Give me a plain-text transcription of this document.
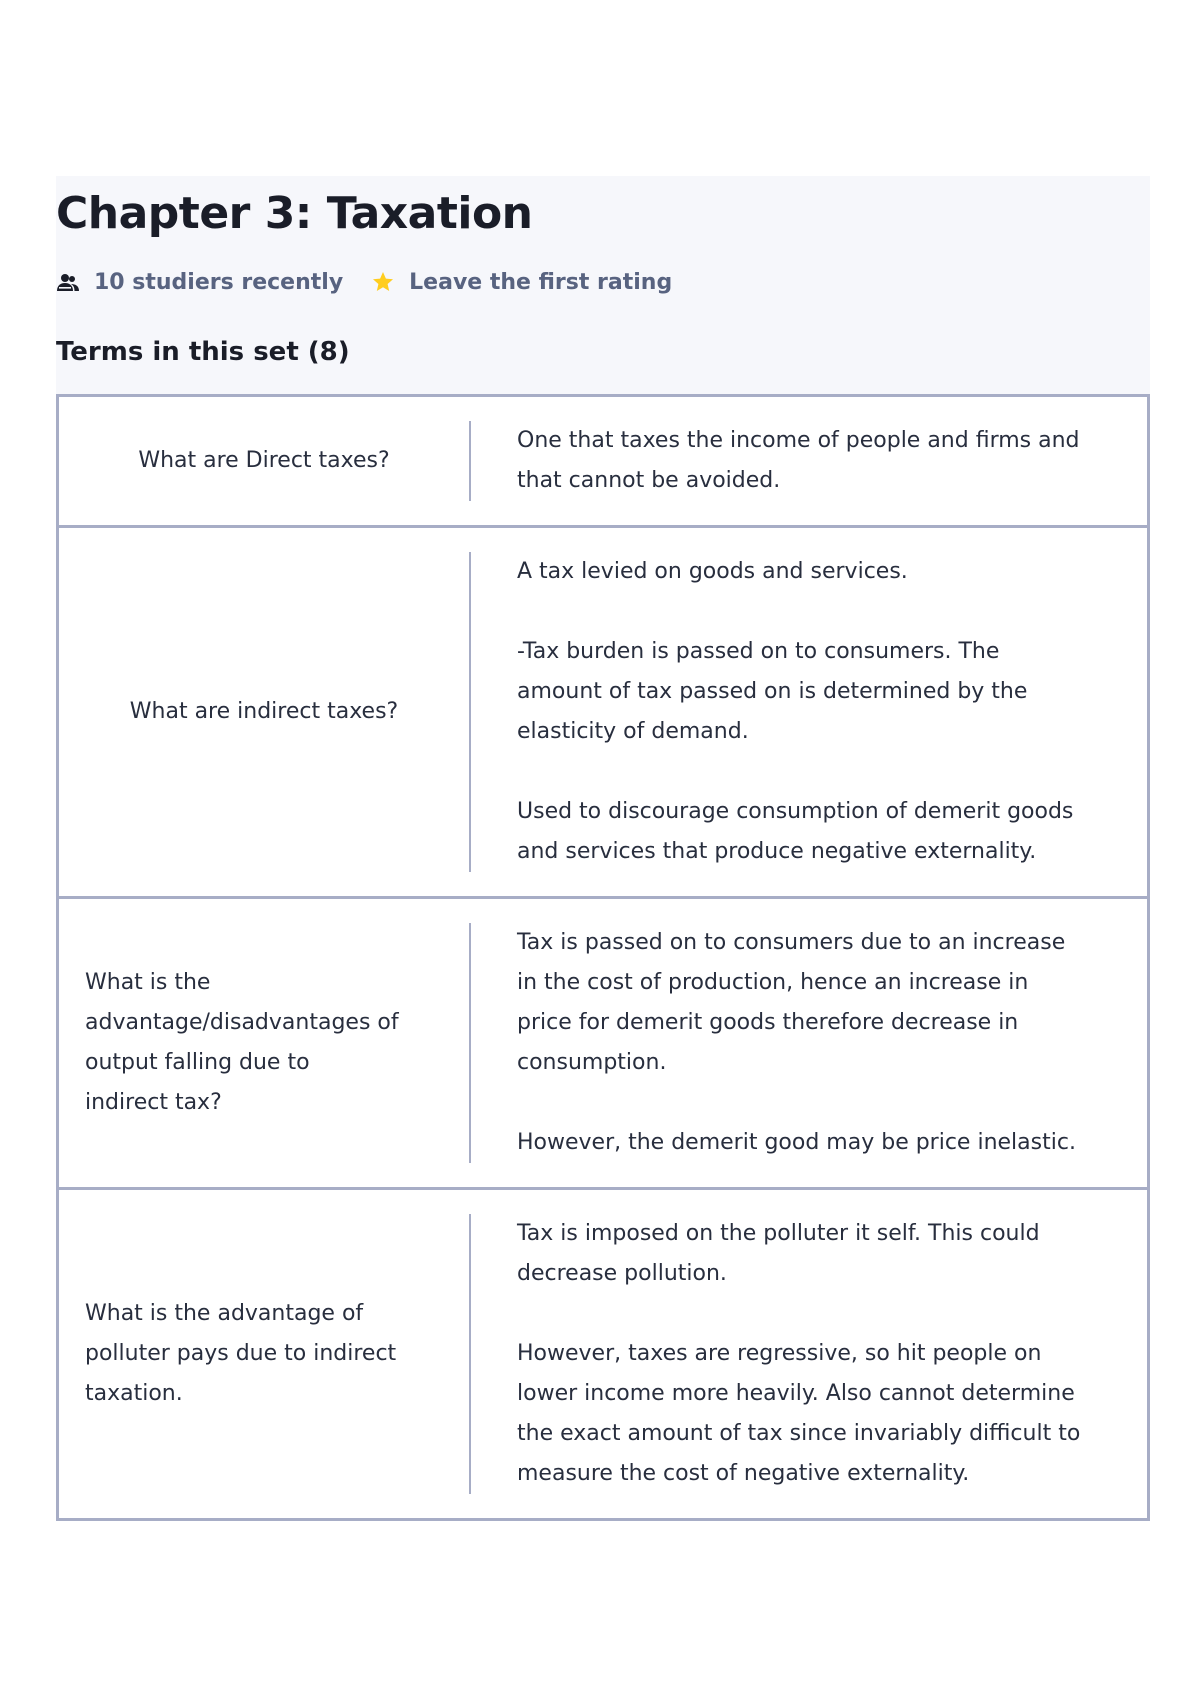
Chapter 3: Taxation
10 studiers recently	Leave the first rating
Terms in this set (8)
What are Direct taxes?

One that taxes the income of people and firms and that cannot be avoided.

What are indirect taxes?

A tax levied on goods and services.

-Tax burden is passed on to consumers. The amount of tax passed on is determined by the elasticity of demand.

Used to discourage consumption of demerit goods and services that produce negative externality.

What is the advantage/disadvantages of output falling due to indirect tax?

Tax is passed on to consumers due to an increase in the cost of production, hence an increase in price for demerit goods therefore decrease in consumption.

However, the demerit good may be price inelastic.

What is the advantage of polluter pays due to indirect taxation.

Tax is imposed on the polluter it self. This could decrease pollution.

However, taxes are regressive, so hit people on lower income more heavily. Also cannot determine the exact amount of tax since invariably difficult to measure the cost of negative externality.
